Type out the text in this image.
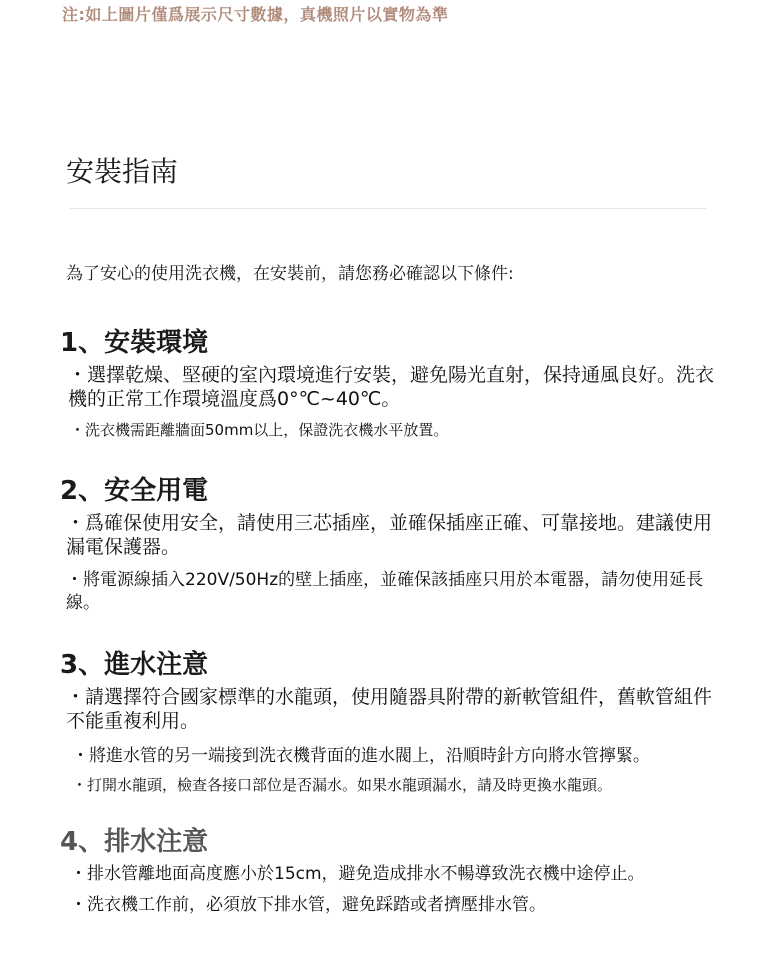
注:如上圖片僅爲展示尺寸數據，真機照片以實物為準
安裝指南
為了安心的使用洗衣機，在安裝前，請您務必確認以下條件:
1、安裝環境

・選擇乾燥、堅硬的室內環境進行安裝，避免陽光直射，保持通風良好。洗衣機的正常工作環境溫度爲0°℃~40℃。

・洗衣機需距離牆面50mm以上，保證洗衣機水平放置。

2、安全用電

・爲確保使用安全，請使用三芯插座，並確保插座正確、可靠接地。建議使用漏電保護器。

・將電源線插入220V/50Hz的壁上插座，並確保該插座只用於本電器，請勿使用延長線。

3、進水注意

・請選擇符合國家標準的水龍頭，使用隨器具附帶的新軟管組件，舊軟管組件不能重複利用。

・將進水管的另一端接到洗衣機背面的進水閥上，沿順時針方向將水管擰緊。

・打開水龍頭，檢查各接口部位是否漏水。如果水龍頭漏水，請及時更換水龍頭。

4、排水注意

・排水管離地面高度應小於15cm，避免造成排水不暢導致洗衣機中途停止。

・洗衣機工作前，必須放下排水管，避免踩踏或者擠壓排水管。
